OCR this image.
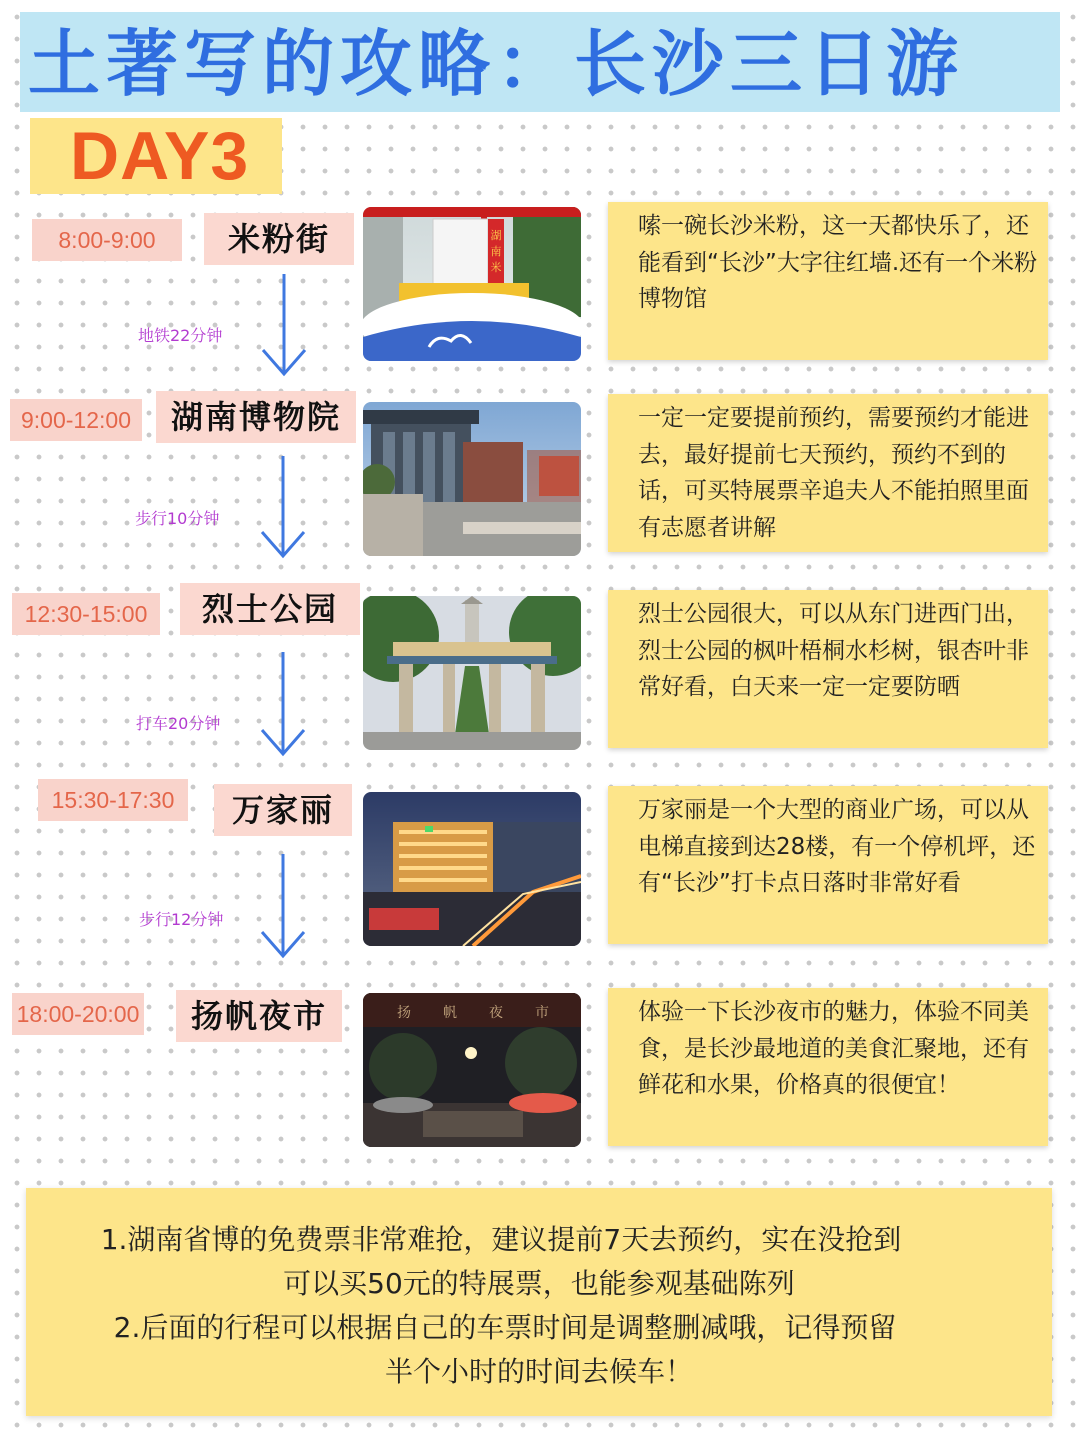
土著写的攻略：长沙三日游
DAY3
8:00-9:00	米粉街	湖
南
米
嗦一碗长沙米粉，这一天都快乐了，还能看到“长沙”大字往红墙.还有一个米粉博物馆
地铁22分钟
9:00-12:00	湖南博物院	一定一定要提前预约，需要预约才能进去，最好提前七天预约，预约不到的话，可买特展票辛追夫人不能拍照里面有志愿者讲解
步行10分钟
12:30-15:00	烈士公园	烈士公园很大，可以从东门进西门出，烈士公园的枫叶梧桐水杉树，银杏叶非常好看，白天来一定一定要防晒
打车20分钟
15:30-17:30	万家丽	万家丽是一个大型的商业广场，可以从电梯直接到达28楼，有一个停机坪，还有“长沙”打卡点日落时非常好看
步行12分钟
18:00-20:00	扬帆夜市	扬 帆 夜 市	体验一下长沙夜市的魅力，体验不同美食，是长沙最地道的美食汇聚地，还有鲜花和水果，价格真的很便宜！
1.湖南省博的免费票非常难抢，建议提前7天去预约，实在没抢到
可以买50元的特展票，也能参观基础陈列
2.后面的行程可以根据自己的车票时间是调整删减哦，记得预留
半个小时的时间去候车！
